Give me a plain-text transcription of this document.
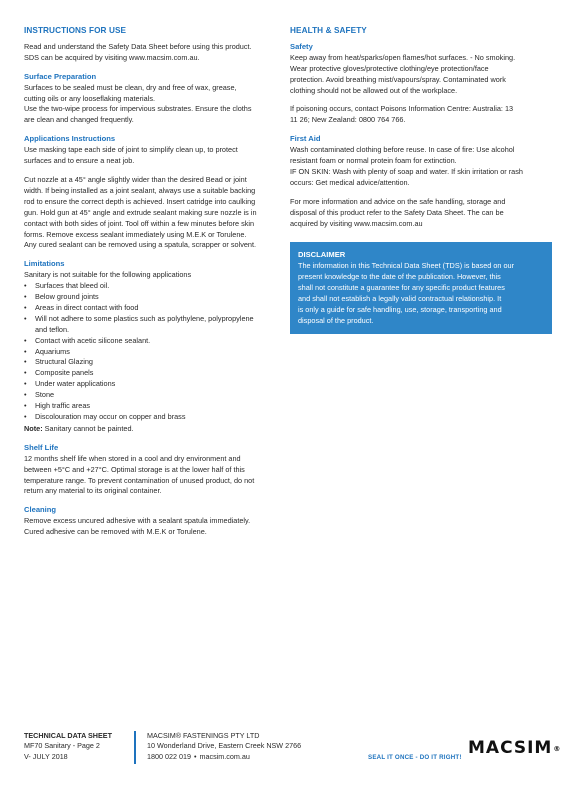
INSTRUCTIONS FOR USE

Read and understand the Safety Data Sheet before using this product.
SDS can be acquired by visiting www.macsim.com.au.

Surface Preparation

Surfaces to be sealed must be clean, dry and free of wax, grease,
cutting oils or any looseflaking materials.

Use the two-wipe process for impervious substrates. Ensure the cloths
are clean and changed frequently.

Applications Instructions

Use masking tape each side of joint to simplify clean up, to protect
surfaces and to ensure a neat job.

Cut nozzle at a 45° angle slightly wider than the desired Bead or joint
width. If being installed as a joint sealant, always use a suitable backing
rod to ensure the correct depth is achieved. Insert catridge into caulking
gun. Hold gun at 45° angle and extrude sealant making sure nozzle is in
contact with both sides of joint. Tool off within a few minutes before skin
forms. Remove excess sealant immediately using M.E.K or Torulene.
Any cured sealant can be removed using a spatula, scrapper or solvent.

Limitations

Sanitary is not suitable for the following applications

• Surfaces that bleed oil.
• Below ground joints
• Areas in direct contact with food
• Will not adhere to some plastics such as polythylene, polypropylene
and teflon.
• Contact with acetic silicone sealant.
• Aquariums
• Structural Glazing
• Composite panels
• Under water applications
• Stone
• High traffic areas
• Discolouration may occur on copper and brass

Note: Sanitary cannot be painted.

Shelf Life

12 months shelf life when stored in a cool and dry environment and
between +5°C and +27°C. Optimal storage is at the lower half of this
temperature range. To prevent contamination of unused product, do not
return any material to its original container.

Cleaning

Remove excess uncured adhesive with a sealant spatula immediately.
Cured adhesive can be removed with M.E.K or Torulene.

HEALTH & SAFETY
Safety

Keep away from heat/sparks/open flames/hot surfaces. - No smoking.
Wear protective gloves/protective clothing/eye protection/face
protection. Avoid breathing mist/vapours/spray. Contaminated work
clothing should not be allowed out of the workplace.

If poisoning occurs, contact Poisons Information Centre: Australia: 13
11 26; New Zealand: 0800 764 766.

First Aid

Wash contaminated clothing before reuse. In case of fire: Use alcohol
resistant foam or normal protein foam for extinction.
IF ON SKIN: Wash with plenty of soap and water. If skin irritation or rash
occurs: Get medical advice/attention.

For more information and advice on the safe handling, storage and
disposal of this product refer to the Safety Data Sheet. The can be
acquired by visiting www.macsim.com.au

DISCLAIMER

The information in this Technical Data Sheet (TDS) is based on our
present knowledge to the date of the publication. However, this
shall not constitute a guarantee for any specific product features
and shall not establish a legally valid contractual relationship. It
is only a guide for safe handling, use, storage, transporting and
disposal of the product.

TECHNICAL DATA SHEET
MF70 Sanitary - Page 2
V- JULY 2018
MACSIM® FASTENINGS PTY LTD
10 Wonderland Drive, Eastern Creek NSW 2766
1800 022 019 • macsim.com.au	SEAL IT ONCE - DO IT RIGHT! MACSIM®
